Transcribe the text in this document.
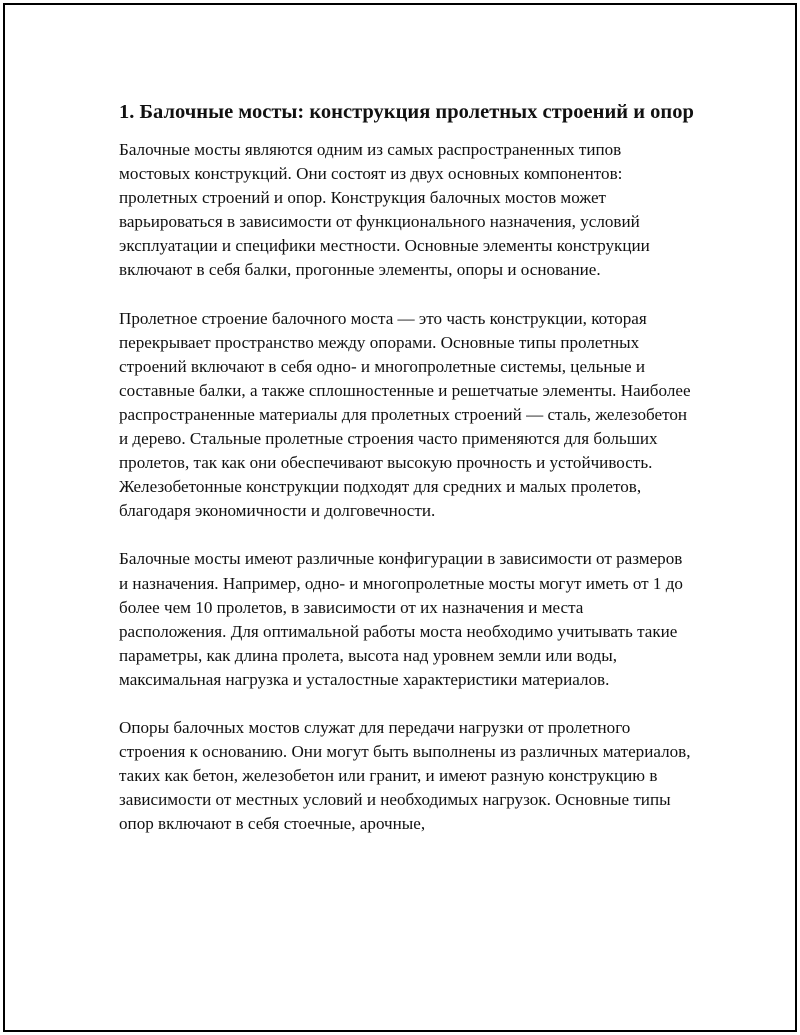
1. Балочные мосты: конструкция пролетных строений и опор

Балочные мосты являются одним из самых распространенных типов мостовых конструкций. Они состоят из двух основных компонентов: пролетных строений и опор. Конструкция балочных мостов может варьироваться в зависимости от функционального назначения, условий эксплуатации и специфики местности. Основные элементы конструкции включают в себя балки, прогонные элементы, опоры и основание.

Пролетное строение балочного моста — это часть конструкции, которая перекрывает пространство между опорами. Основные типы пролетных строений включают в себя одно- и многопролетные системы, цельные и составные балки, а также сплошностенные и решетчатые элементы. Наиболее распространенные материалы для пролетных строений — сталь, железобетон и дерево. Стальные пролетные строения часто применяются для больших пролетов, так как они обеспечивают высокую прочность и устойчивость. Железобетонные конструкции подходят для средних и малых пролетов, благодаря экономичности и долговечности.

Балочные мосты имеют различные конфигурации в зависимости от размеров и назначения. Например, одно- и многопролетные мосты могут иметь от 1 до более чем 10 пролетов, в зависимости от их назначения и места расположения. Для оптимальной работы моста необходимо учитывать такие параметры, как длина пролета, высота над уровнем земли или воды, максимальная нагрузка и усталостные характеристики материалов.

Опоры балочных мостов служат для передачи нагрузки от пролетного строения к основанию. Они могут быть выполнены из различных материалов, таких как бетон, железобетон или гранит, и имеют разную конструкцию в зависимости от местных условий и необходимых нагрузок. Основные типы опор включают в себя стоечные, арочные,
